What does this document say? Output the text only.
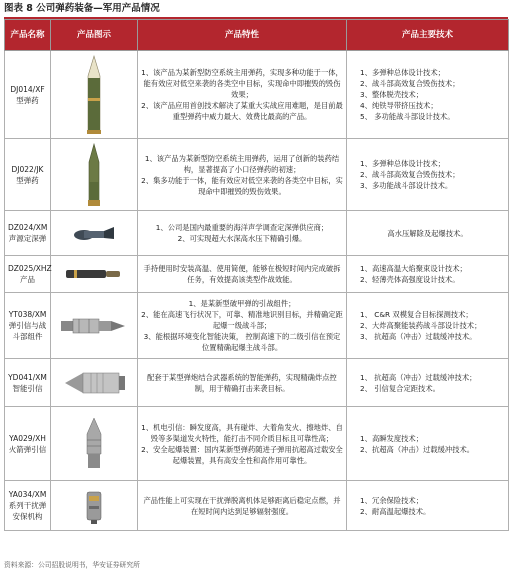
图表 8 公司弹药装备—军用产品情况
产品名称	产品图示	产品特性	产品主要技术
DJ014/XF 型弹药		1、该产品为某新型防空系统主用弹药，实现多种功能于一体，能有效应对低空来袭的各类空中目标，实现命中即摧毁的毁伤效果；
2、该产品应用首创技术解决了某重大实战应用难题，是目前最重型弹药中威力最大、效费比最高的产品。	1、多弹种总体设计技术；
2、战斗部高效复合毁伤技术；
3、整体脱壳技术；
4、纯铁导带挤压技术；
5、 多功能战斗部设计技术。

DJ022/JK 型弹药		1、该产品为某新型防空系统主用弹药，运用了创新的装药结构，显著提高了小口径弹药的初速；
2、集多功能于一体，能有效应对低空来袭的各类空中目标，实现命中即摧毁的毁伤效果。	1、多弹种总体设计技术；
2、战斗部高效复合毁伤技术；
3、多功能战斗部设计技术。

DZ024/XM 声源定深弹		1、公司是国内最重要的海洋声学调查定深弹供应商；
2、可实现超大水深高水压下精确引爆。	高水压解除及起爆技术。
DZ025/XHZ 产品		手持便用时安装高温、使用简便，能够在极短时间内完成破拆任务，有效提高该类型作战效能。	1、高速高温大焰聚束设计技术；
2、轻薄壳体高强度设计技术。

YT038/XM 弹引信与战斗部组件		1、是某新型破甲弹的引战组件；
2、能在高速飞行状况下，可靠、精准地识别目标，并精确定距起爆一级战斗部；
3、能根据环境变化智能决策， 控制高速下的二级引信在预定位置精确起爆主战斗部。	1、 C&R 双模复合目标探测技术；
2、大炸高聚能装药战斗部设计技术；
3、 抗超高（冲击）过载缓冲技术。

YD041/XM 智能引信		配套于某型弹炮结合武器系统的智能弹药，实现精确炸点控制，用于精确打击来袭目标。	1、 抗超高（冲击）过载缓冲技术；
2、 引信复合定距技术。

YA029/XH 火箭弹引信		1、机电引信：瞬发度高，具有碰炸、大着角发火、擦地炸、自毁等多渠道发火特性，能打击不同介质目标且可靠性高；
2、安全起爆装置：国内某新型弹药随进子弹用抗超高过载安全起爆装置，具有高安全性和高作用可靠性。	1、高瞬发度技术；
2、抗超高（冲击）过载缓冲技术。

YA034/XM 系列干扰弹安保机构		产品性能上可实现在干扰弹脱离机体足够距离后稳定点燃，并在短时间内达到足够辐射强度。	1、冗余保险技术；
2、耐高温起爆技术。
资料来源：公司招股说明书，华安证券研究所
